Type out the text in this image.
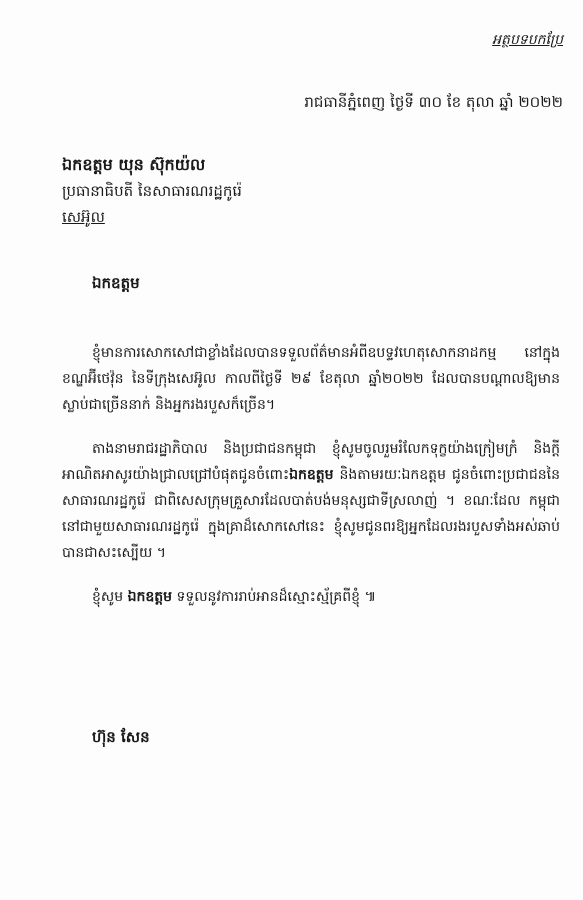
អត្ថបទបកប្រែ
រាជធានីភ្នំពេញ ថ្ងៃទី ៣០ ខែ តុលា ឆ្នាំ ២០២២
ឯកឧត្តម យុន ស៊ុកយ៉ល
ប្រធានាធិបតី នៃសាធារណរដ្ឋកូរ៉េ
សេអ៊ូល
ឯកឧត្តម

ខ្ញុំមានការសោកសៅជាខ្លាំងដែលបានទទួលព័ត៌មានអំពីឧបទ្ទវហេតុសោកនាដកម្ម នៅក្នុងខណ្ឌអ៊ីថេវ៉ុន នៃទីក្រុងសេអ៊ូល កាលពីថ្ងៃទី ២៩ ខែតុលា ឆ្នាំ២០២២ ដែលបានបណ្តាលឱ្យមានស្លាប់ជាច្រើននាក់ និងអ្នករងរបួសក៏ច្រើន។

តាងនាមរាជរដ្ឋាភិបាល និងប្រជាជនកម្ពុជា ខ្ញុំសូមចូលរួមរំលែកទុក្ខយ៉ាងក្រៀមក្រំ និងក្តីអាណិតអាសូរយ៉ាងជ្រាលជ្រៅបំផុតជូនចំពោះឯកឧត្តម និងតាមរយៈឯកឧត្តម ជូនចំពោះប្រជាជននៃសាធារណរដ្ឋកូរ៉េ ជាពិសេសក្រុមគ្រួសារដែលបាត់បង់មនុស្សជាទីស្រលាញ់ ។ ខណៈដែល កម្ពុជានៅជាមួយសាធារណរដ្ឋកូរ៉េ ក្នុងគ្រាដ៏សោកសៅនេះ ខ្ញុំសូមជូនពរឱ្យអ្នកដែលរងរបួសទាំងអស់ឆាប់បានជាសះស្បើយ ។

ខ្ញុំសូម ឯកឧត្តម ទទួលនូវការរាប់អានដ៏ស្មោះស្ម័គ្រពីខ្ញុំ ៕

ហ៊ុន សែន
